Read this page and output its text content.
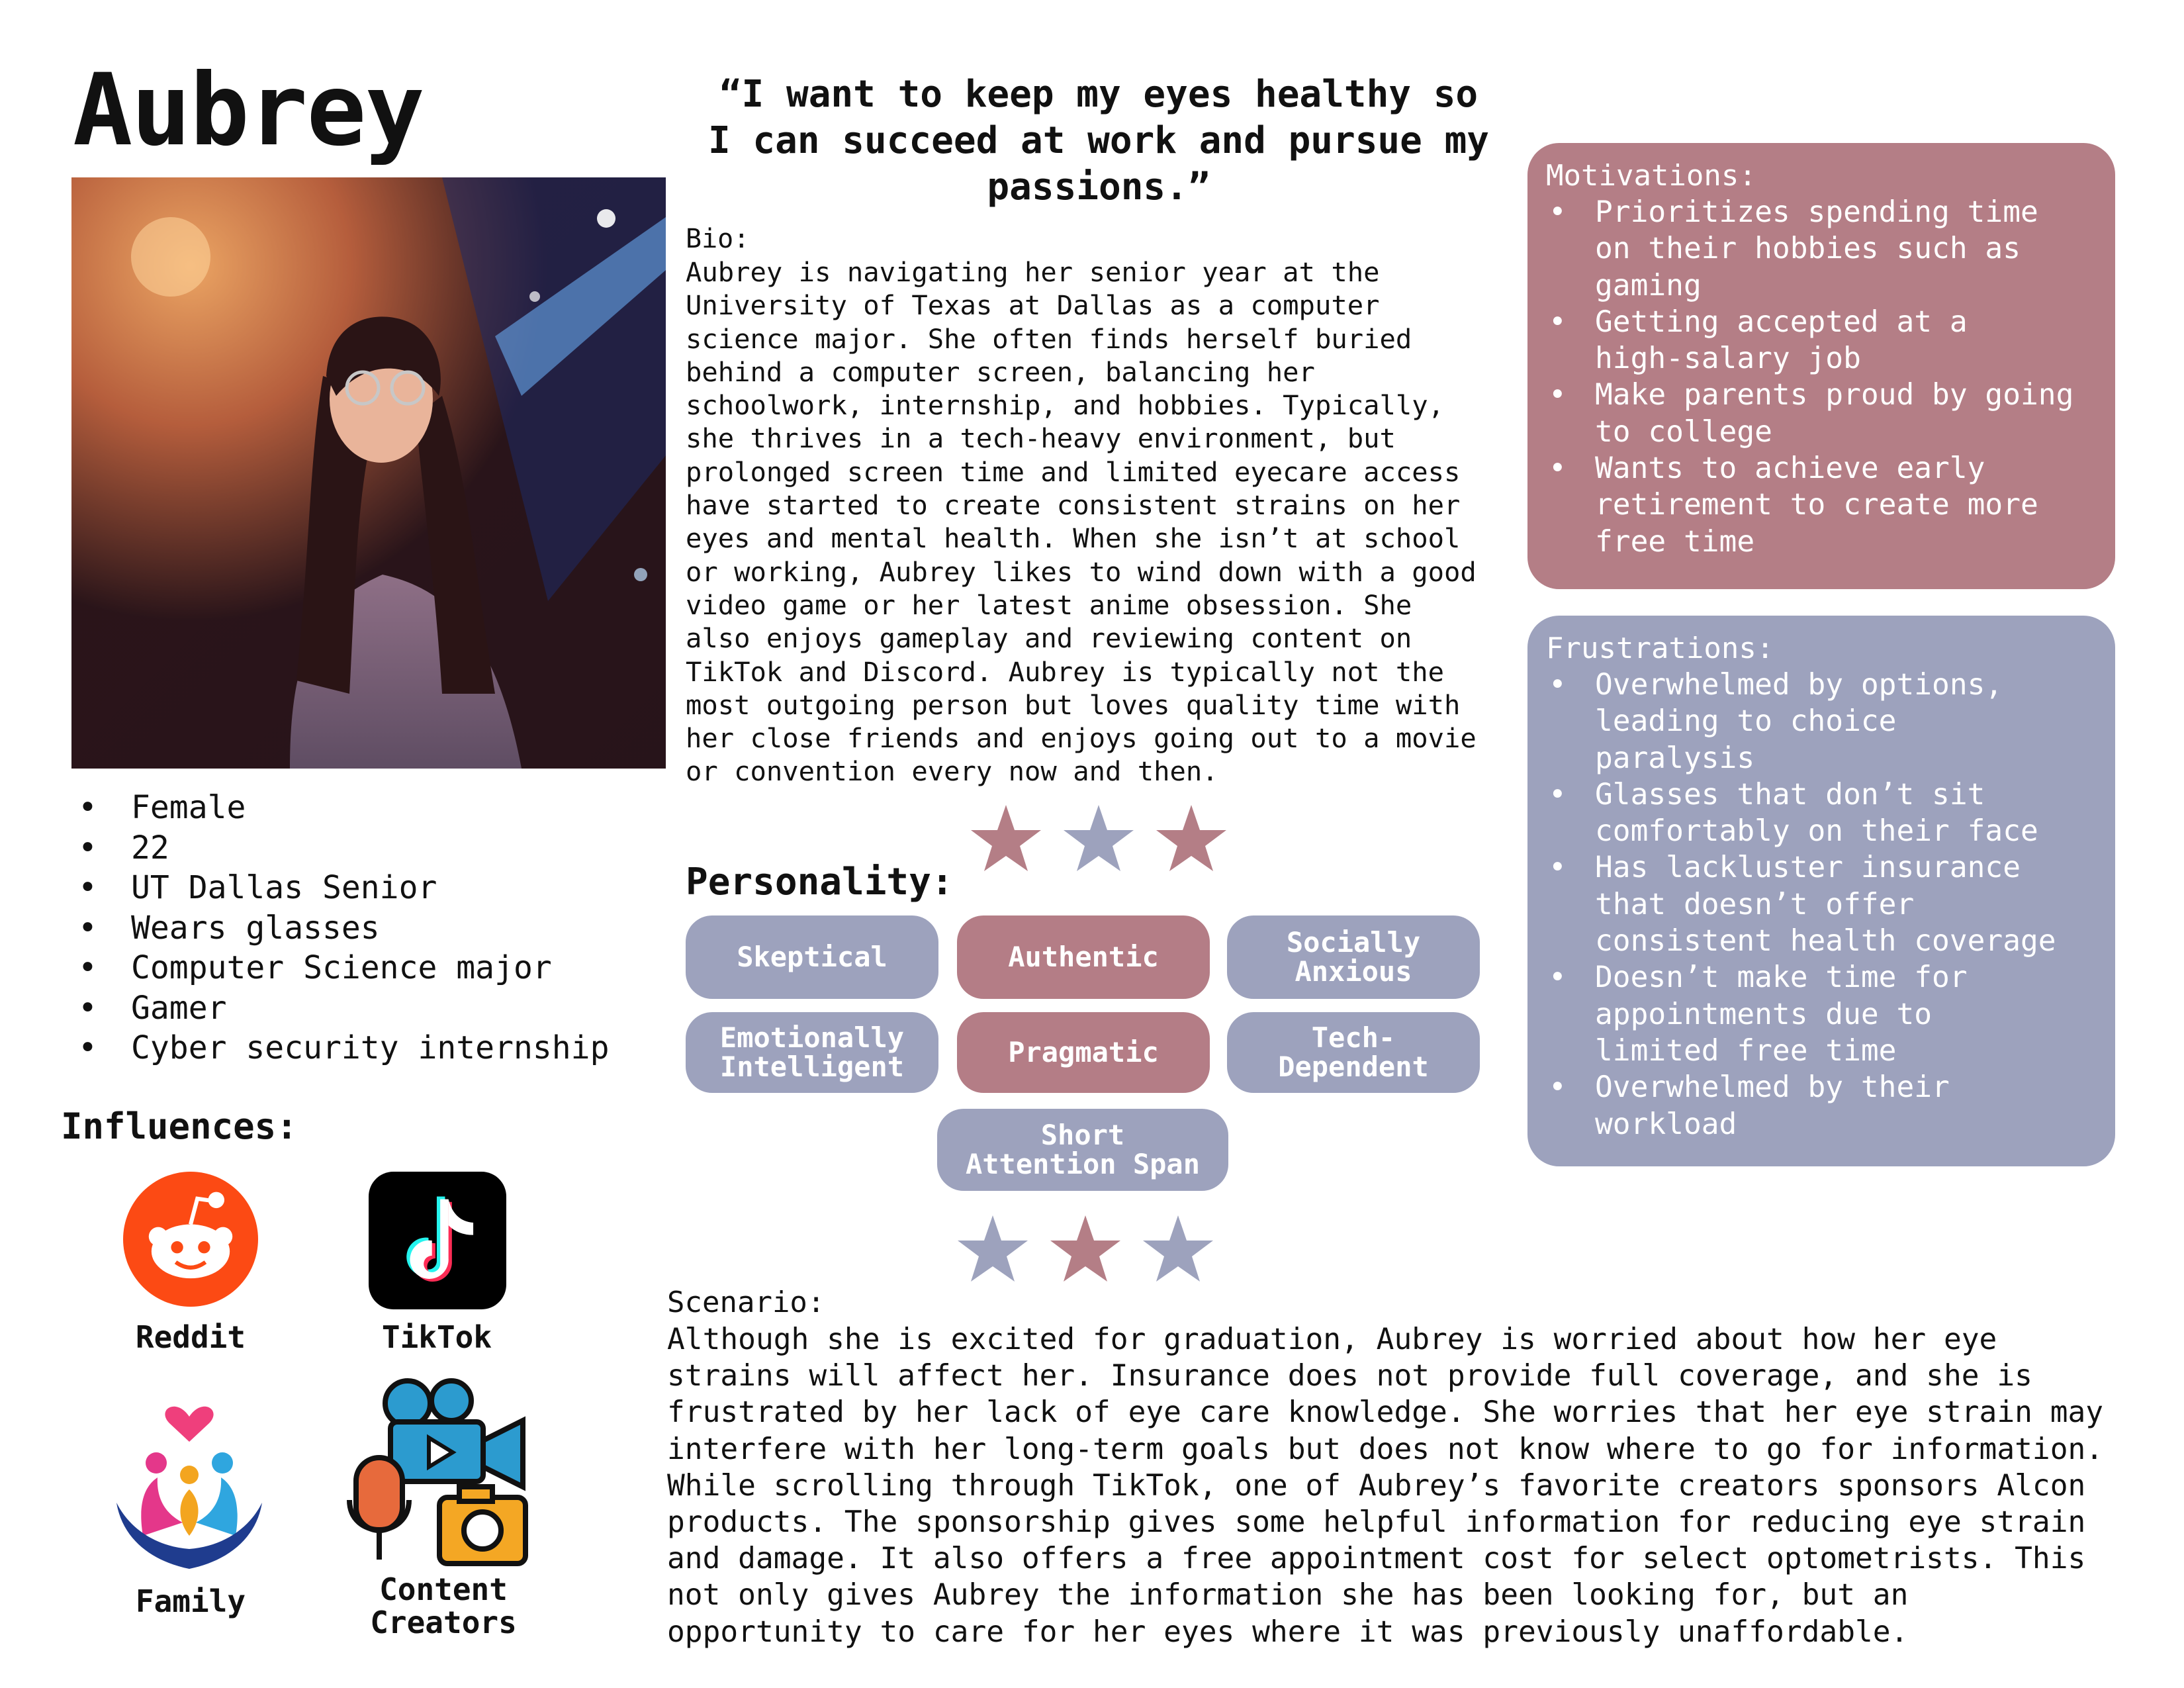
Aubrey
• Female
• 22
• UT Dallas Senior
• Wears glasses
• Computer Science major
• Gamer
• Cyber security internship
Influences:
Reddit	TikTok
Family	Content
Creators
“I want to keep my eyes healthy so
I can succeed at work and pursue my
passions.”
Bio:
Aubrey is navigating her senior year at the
University of Texas at Dallas as a computer
science major. She often finds herself buried
behind a computer screen, balancing her
schoolwork, internship, and hobbies. Typically,
she thrives in a tech-heavy environment, but
prolonged screen time and limited eyecare access
have started to create consistent strains on her
eyes and mental health. When she isn’t at school
or working, Aubrey likes to wind down with a good
video game or her latest anime obsession. She
also enjoys gameplay and reviewing content on
TikTok and Discord. Aubrey is typically not the
most outgoing person but loves quality time with
her close friends and enjoys going out to a movie
or convention every now and then.
Personality:
Skeptical	Authentic	Socially
Anxious
Emotionally
Intelligent	Pragmatic	Tech-
Dependent
Short
Attention Span
Motivations:
• Prioritizes spending time
on their hobbies such as
gaming
• Getting accepted at a
high-salary job
• Make parents proud by going
to college
• Wants to achieve early
retirement to create more
free time
Frustrations:
• Overwhelmed by options,
leading to choice
paralysis
• Glasses that don’t sit
comfortably on their face
• Has lackluster insurance
that doesn’t offer
consistent health coverage
• Doesn’t make time for
appointments due to
limited free time
• Overwhelmed by their
workload
Scenario:
Although she is excited for graduation, Aubrey is worried about how her eye
strains will affect her. Insurance does not provide full coverage, and she is
frustrated by her lack of eye care knowledge. She worries that her eye strain may
interfere with her long-term goals but does not know where to go for information.
While scrolling through TikTok, one of Aubrey’s favorite creators sponsors Alcon
products. The sponsorship gives some helpful information for reducing eye strain
and damage. It also offers a free appointment cost for select optometrists. This
not only gives Aubrey the information she has been looking for, but an
opportunity to care for her eyes where it was previously unaffordable.
